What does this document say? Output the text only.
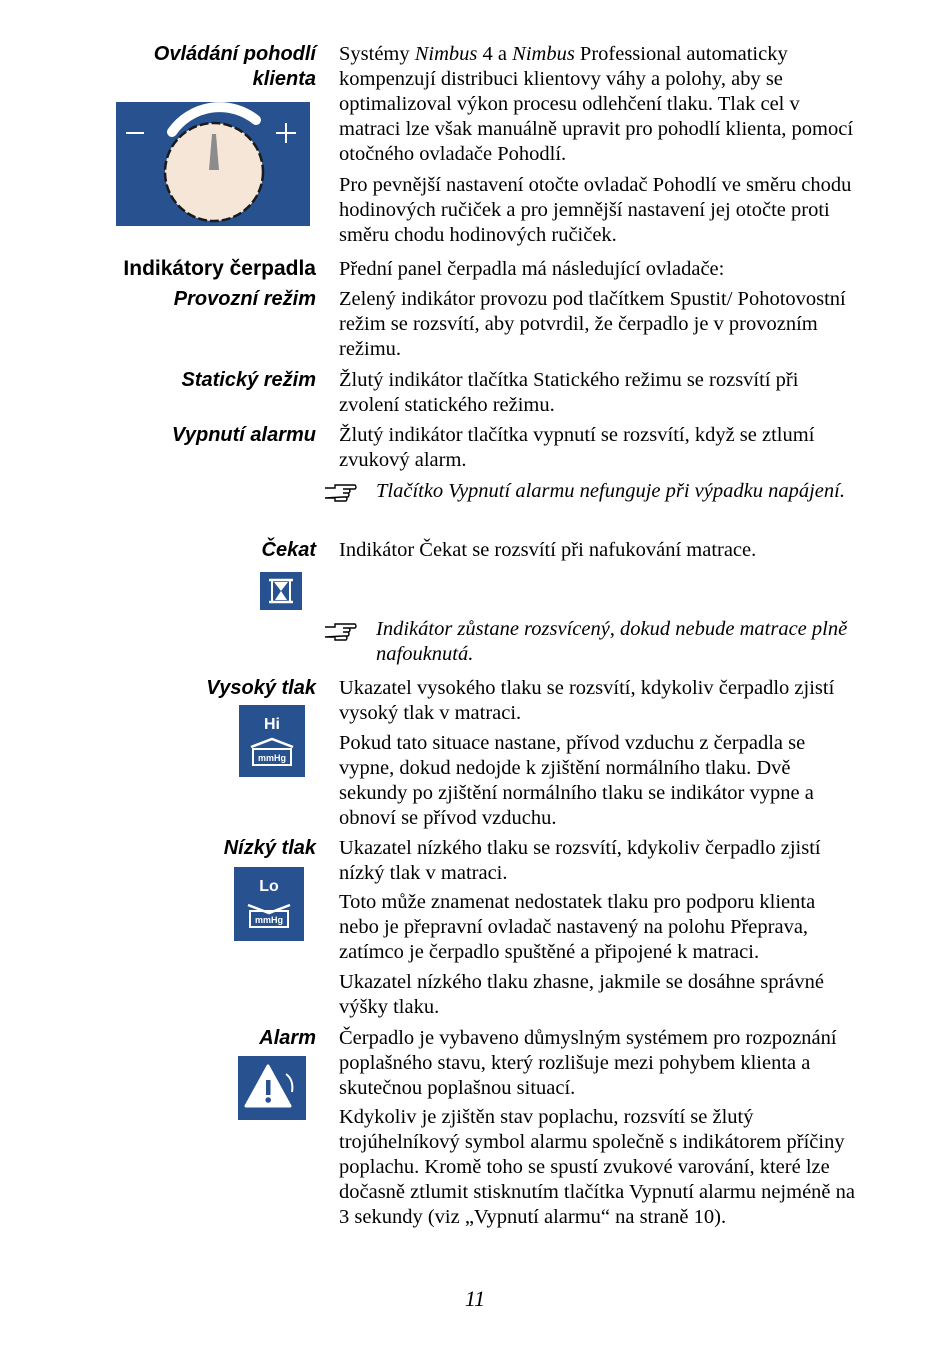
Ovládání pohodlí
klienta
Systémy Nimbus 4 a Nimbus Professional automaticky kompenzují distribuci klientovy váhy a polohy, aby se optimalizoval výkon procesu odlehčení tlaku. Tlak cel v matraci lze však manuálně upravit pro pohodlí klienta, pomocí otočného ovladače Pohodlí.
Pro pevnější nastavení otočte ovladač Pohodlí ve směru chodu hodinových ručiček a pro jemnější nastavení jej otočte proti směru chodu hodinových ručiček.
Indikátory čerpadla Přední panel čerpadla má následující ovladače:
Provozní režim Zelený indikátor provozu pod tlačítkem Spustit/ Pohotovostní režim se rozsvítí, aby potvrdil, že čerpadlo je v provozním režimu.
Statický režim Žlutý indikátor tlačítka Statického režimu se rozsvítí při zvolení statického režimu.
Vypnutí alarmu Žlutý indikátor tlačítka vypnutí se rozsvítí, když se ztlumí zvukový alarm.
Tlačítko Vypnutí alarmu nefunguje při výpadku napájení.
Čekat Indikátor Čekat se rozsvítí při nafukování matrace.
Indikátor zůstane rozsvícený, dokud nebude matrace plně nafouknutá.
Vysoký tlak
Hi
mmHg
Ukazatel vysokého tlaku se rozsvítí, kdykoliv čerpadlo zjistí vysoký tlak v matraci.
Pokud tato situace nastane, přívod vzduchu z čerpadla se vypne, dokud nedojde k zjištění normálního tlaku. Dvě sekundy po zjištění normálního tlaku se indikátor vypne a obnoví se přívod vzduchu.
Nízký tlak
Lo
mmHg
Ukazatel nízkého tlaku se rozsvítí, kdykoliv čerpadlo zjistí nízký tlak v matraci.
Toto může znamenat nedostatek tlaku pro podporu klienta nebo je přepravní ovladač nastavený na polohu Přeprava, zatímco je čerpadlo spuštěné a připojené k matraci.
Ukazatel nízkého tlaku zhasne, jakmile se dosáhne správné výšky tlaku.
Alarm Čerpadlo je vybaveno důmyslným systémem pro rozpoznání poplašného stavu, který rozlišuje mezi pohybem klienta a skutečnou poplašnou situací.
Kdykoliv je zjištěn stav poplachu, rozsvítí se žlutý trojúhelníkový symbol alarmu společně s indikátorem příčiny poplachu. Kromě toho se spustí zvukové varování, které lze dočasně ztlumit stisknutím tlačítka Vypnutí alarmu nejméně na 3 sekundy (viz „Vypnutí alarmu“ na straně 10).
11
